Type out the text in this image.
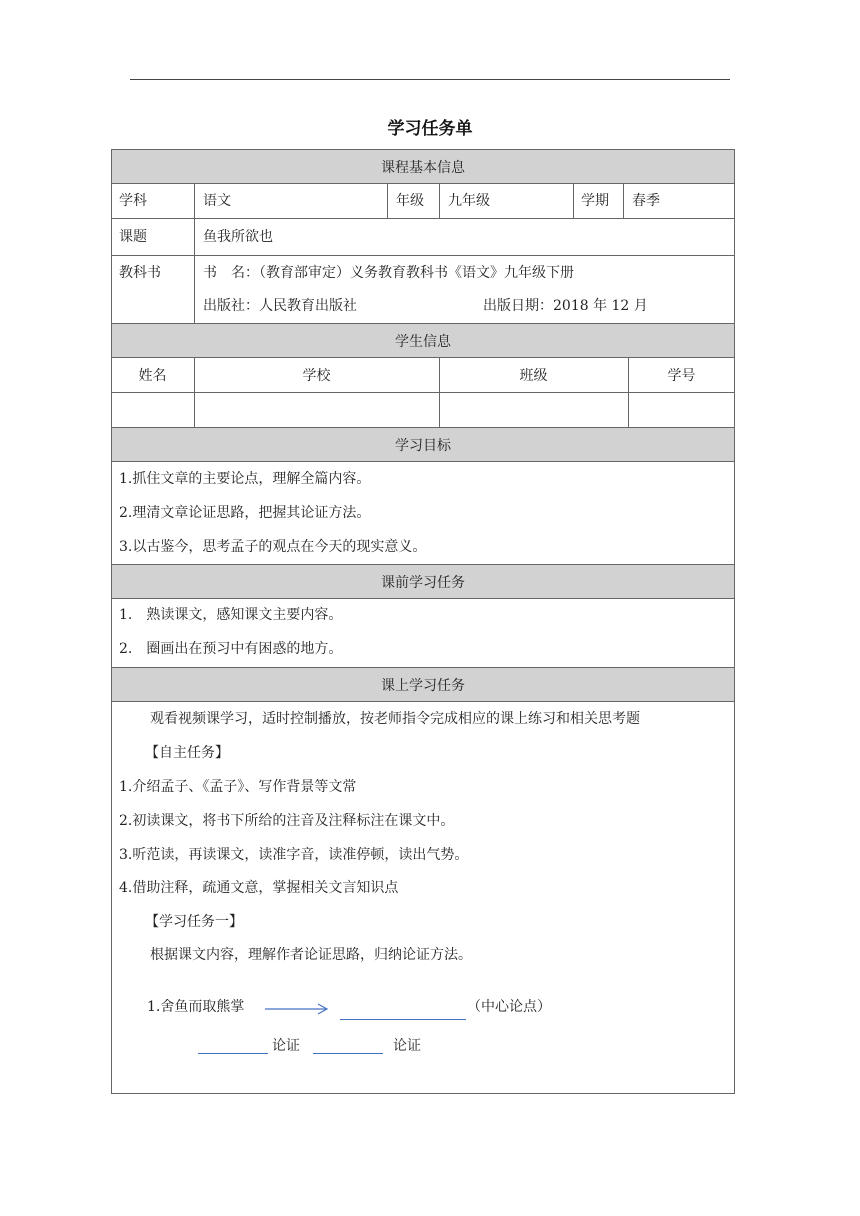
学习任务单
课程基本信息
学科	语文	年级 九年级	学期 春季
课题	鱼我所欲也
教科书	书　名：（教育部审定）义务教育教科书《语文》九年级下册
出版社：人民教育出版社	出版日期：2018 年 12 月
学生信息
姓名	学校	班级	学号
学习目标
1.抓住文章的主要论点，理解全篇内容。
2.理清文章论证思路，把握其论证方法。
3.以古鉴今，思考孟子的观点在今天的现实意义。
课前学习任务
1.　熟读课文，感知课文主要内容。
2.　圈画出在预习中有困惑的地方。
课上学习任务
观看视频课学习，适时控制播放，按老师指令完成相应的课上练习和相关思考题
【自主任务】
1.介绍孟子、《孟子》、写作背景等文常
2.初读课文，将书下所给的注音及注释标注在课文中。
3.听范读，再读课文，读准字音，读准停顿，读出气势。
4.借助注释，疏通文意，掌握相关文言知识点
【学习任务一】
根据课文内容，理解作者论证思路，归纳论证方法。
1.舍鱼而取熊掌	（中心论点）
论证	论证
